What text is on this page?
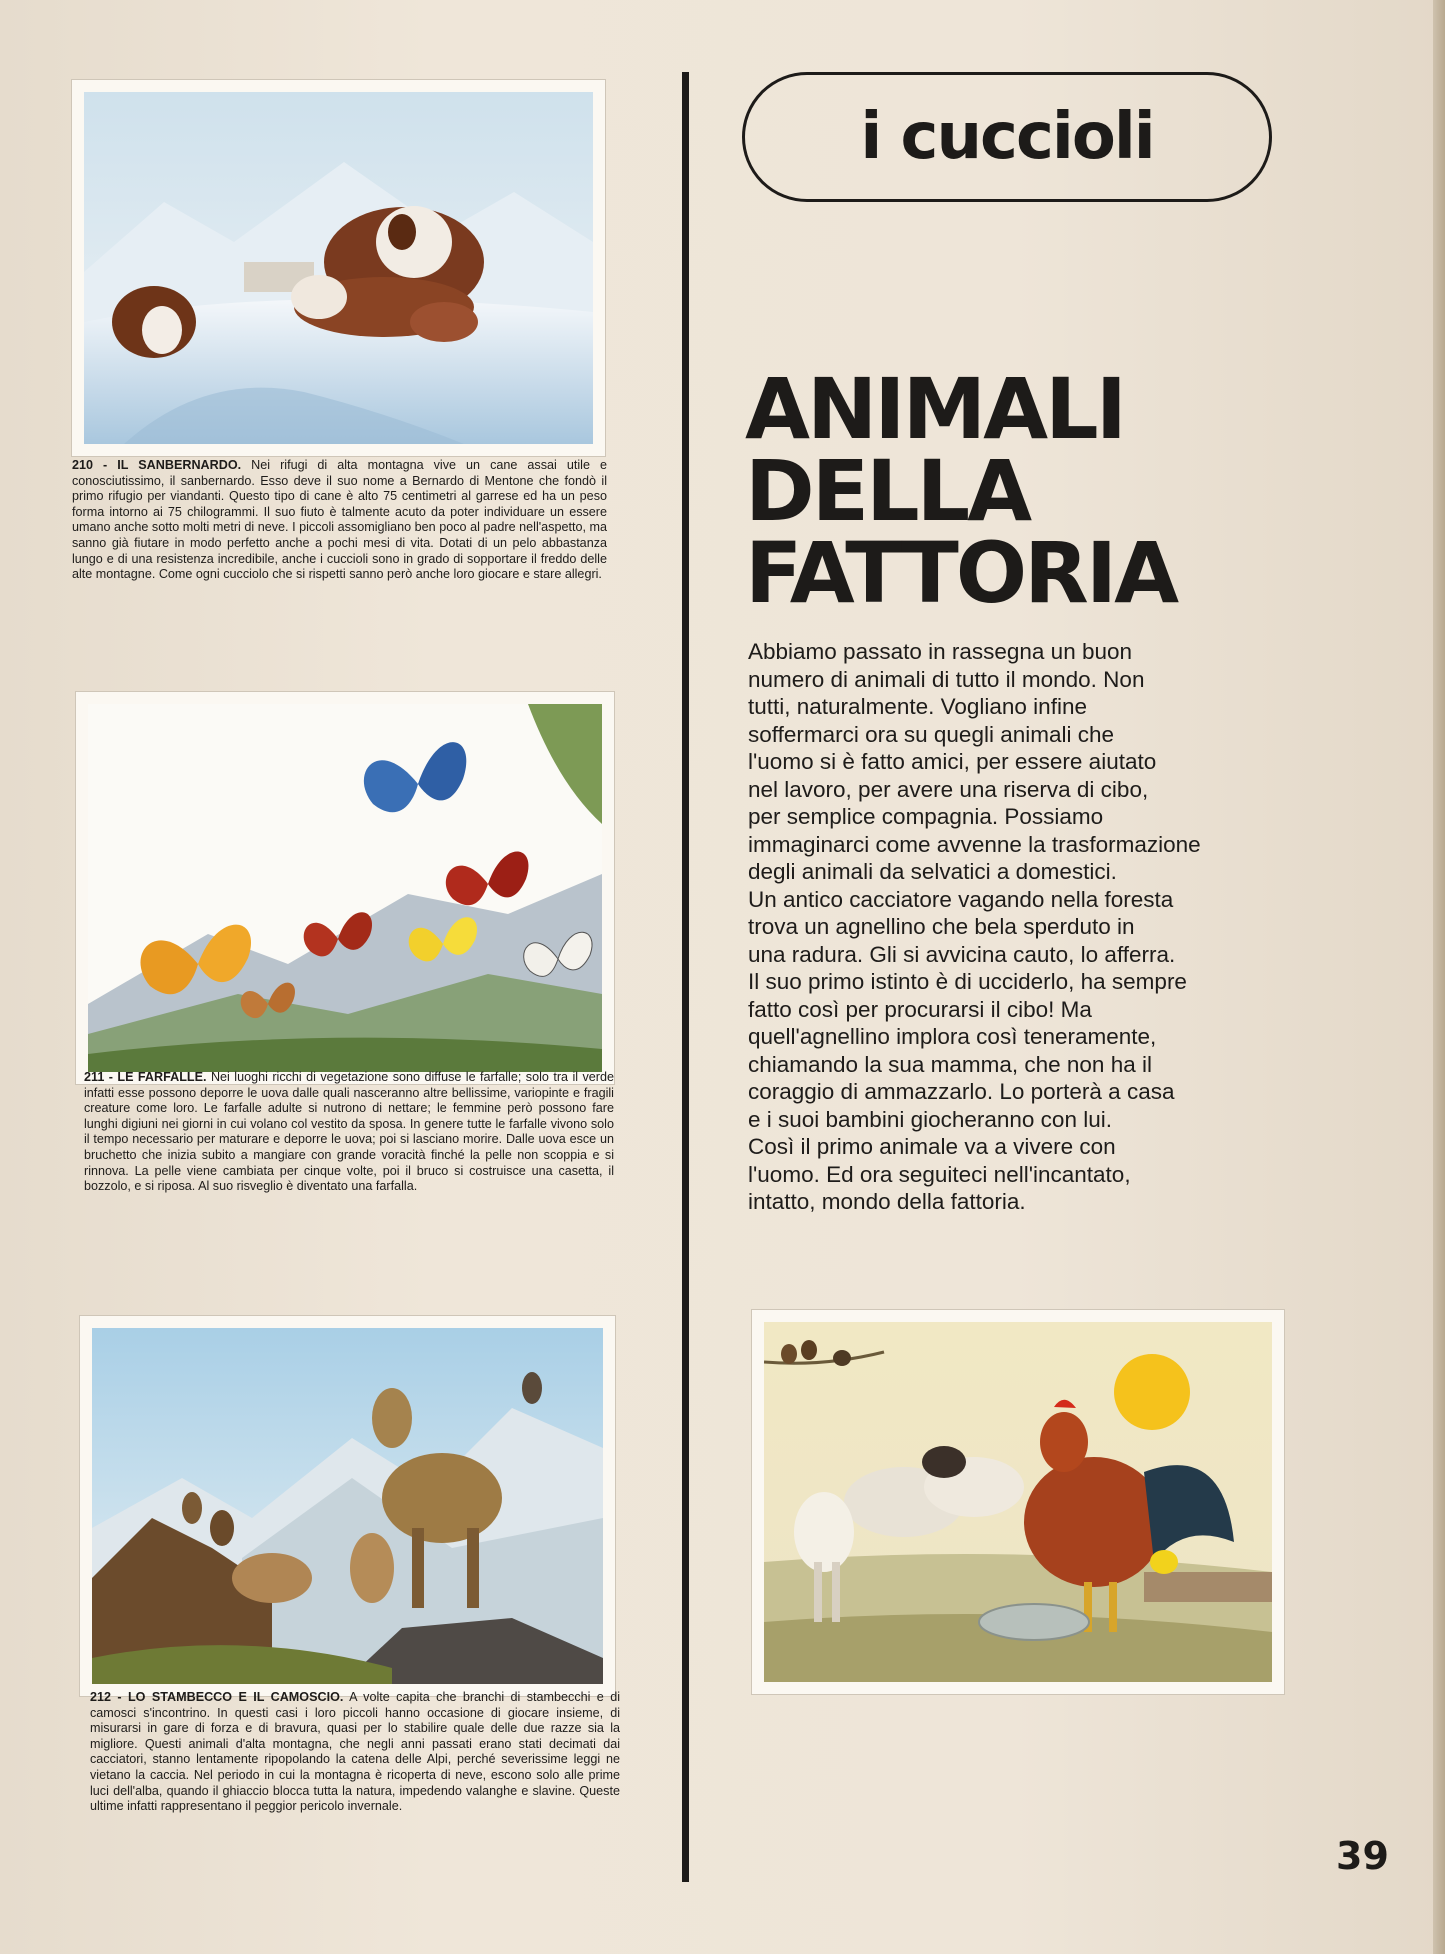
210 - IL SANBERNARDO. Nei rifugi di alta montagna vive un cane assai utile e conosciutissimo, il sanbernardo. Esso deve il suo nome a Bernardo di Mentone che fondò il primo rifugio per viandanti. Questo tipo di cane è alto 75 centimetri al garrese ed ha un peso forma intorno ai 75 chilogrammi. Il suo fiuto è talmente acuto da poter individuare un essere umano anche sotto molti metri di neve. I piccoli assomigliano ben poco al padre nell'aspetto, ma sanno già fiutare in modo perfetto anche a pochi mesi di vita. Dotati di un pelo abbastanza lungo e di una resistenza incredibile, anche i cuccioli sono in grado di sopportare il freddo delle alte montagne. Come ogni cucciolo che si rispetti sanno però anche loro giocare e stare allegri.
211 - LE FARFALLE. Nei luoghi ricchi di vegetazione sono diffuse le farfalle; solo tra il verde infatti esse possono deporre le uova dalle quali nasceranno altre bellissime, variopinte e fragili creature come loro. Le farfalle adulte si nutrono di nettare; le femmine però possono fare lunghi digiuni nei giorni in cui volano col vestito da sposa. In genere tutte le farfalle vivono solo il tempo necessario per maturare e deporre le uova; poi si lasciano morire. Dalle uova esce un bruchetto che inizia subito a mangiare con grande voracità finché la pelle non scoppia e si rinnova. La pelle viene cambiata per cinque volte, poi il bruco si costruisce una casetta, il bozzolo, e si riposa. Al suo risveglio è diventato una farfalla.
212 - LO STAMBECCO E IL CAMOSCIO. A volte capita che branchi di stambecchi e di camosci s'incontrino. In questi casi i loro piccoli hanno occasione di giocare insieme, di misurarsi in gare di forza e di bravura, quasi per lo stabilire quale delle due razze sia la migliore. Questi animali d'alta montagna, che negli anni passati erano stati decimati dai cacciatori, stanno lentamente ripopolando la catena delle Alpi, perché severissime leggi ne vietano la caccia. Nel periodo in cui la montagna è ricoperta di neve, escono solo alle prime luci dell'alba, quando il ghiaccio blocca tutta la natura, impedendo valanghe e slavine. Queste ultime infatti rappresentano il peggior pericolo invernale.
i cuccioli
ANIMALI
DELLA
FATTORIA
Abbiamo passato in rassegna un buon
numero di animali di tutto il mondo. Non
tutti, naturalmente. Vogliano infine
soffermarci ora su quegli animali che
l'uomo si è fatto amici, per essere aiutato
nel lavoro, per avere una riserva di cibo,
per semplice compagnia. Possiamo
immaginarci come avvenne la trasformazione
degli animali da selvatici a domestici.
Un antico cacciatore vagando nella foresta
trova un agnellino che bela sperduto in
una radura. Gli si avvicina cauto, lo afferra.
Il suo primo istinto è di ucciderlo, ha sempre
fatto così per procurarsi il cibo! Ma
quell'agnellino implora così teneramente,
chiamando la sua mamma, che non ha il
coraggio di ammazzarlo. Lo porterà a casa
e i suoi bambini giocheranno con lui.
Così il primo animale va a vivere con
l'uomo. Ed ora seguiteci nell'incantato,
intatto, mondo della fattoria.
39
